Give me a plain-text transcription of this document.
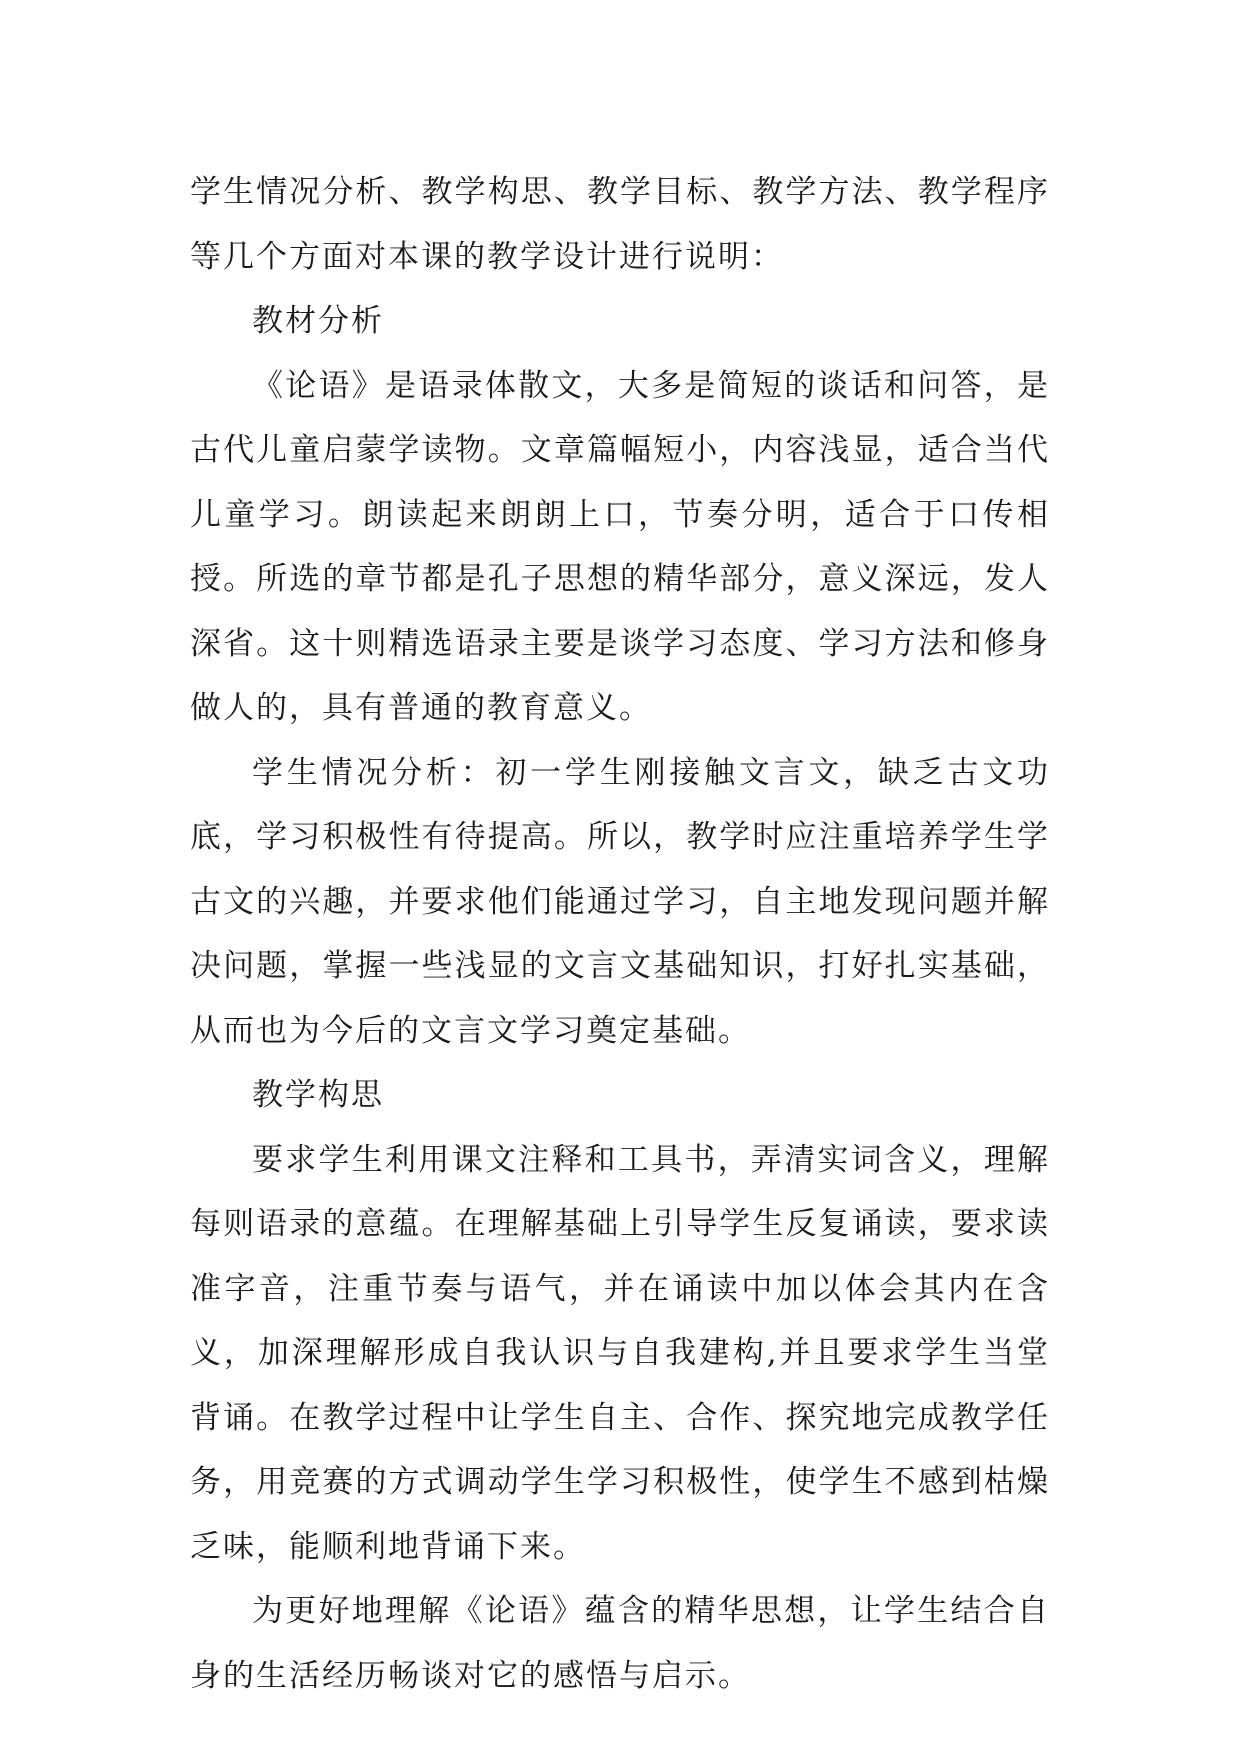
学生情况分析、教学构思、教学目标、教学方法、教学程序等几个方面对本课的教学设计进行说明：

教材分析

《论语》是语录体散文，大多是简短的谈话和问答，是古代儿童启蒙学读物。文章篇幅短小，内容浅显，适合当代儿童学习。朗读起来朗朗上口，节奏分明，适合于口传相授。所选的章节都是孔子思想的精华部分，意义深远，发人深省。这十则精选语录主要是谈学习态度、学习方法和修身做人的，具有普通的教育意义。

学生情况分析：初一学生刚接触文言文，缺乏古文功底，学习积极性有待提高。所以，教学时应注重培养学生学古文的兴趣，并要求他们能通过学习，自主地发现问题并解决问题，掌握一些浅显的文言文基础知识，打好扎实基础，从而也为今后的文言文学习奠定基础。

教学构思

要求学生利用课文注释和工具书，弄清实词含义，理解每则语录的意蕴。在理解基础上引导学生反复诵读，要求读准字音，注重节奏与语气，并在诵读中加以体会其内在含义，加深理解形成自我认识与自我建构,并且要求学生当堂背诵。在教学过程中让学生自主、合作、探究地完成教学任务，用竞赛的方式调动学生学习积极性，使学生不感到枯燥乏味，能顺利地背诵下来。

为更好地理解《论语》蕴含的精华思想，让学生结合自身的生活经历畅谈对它的感悟与启示。
